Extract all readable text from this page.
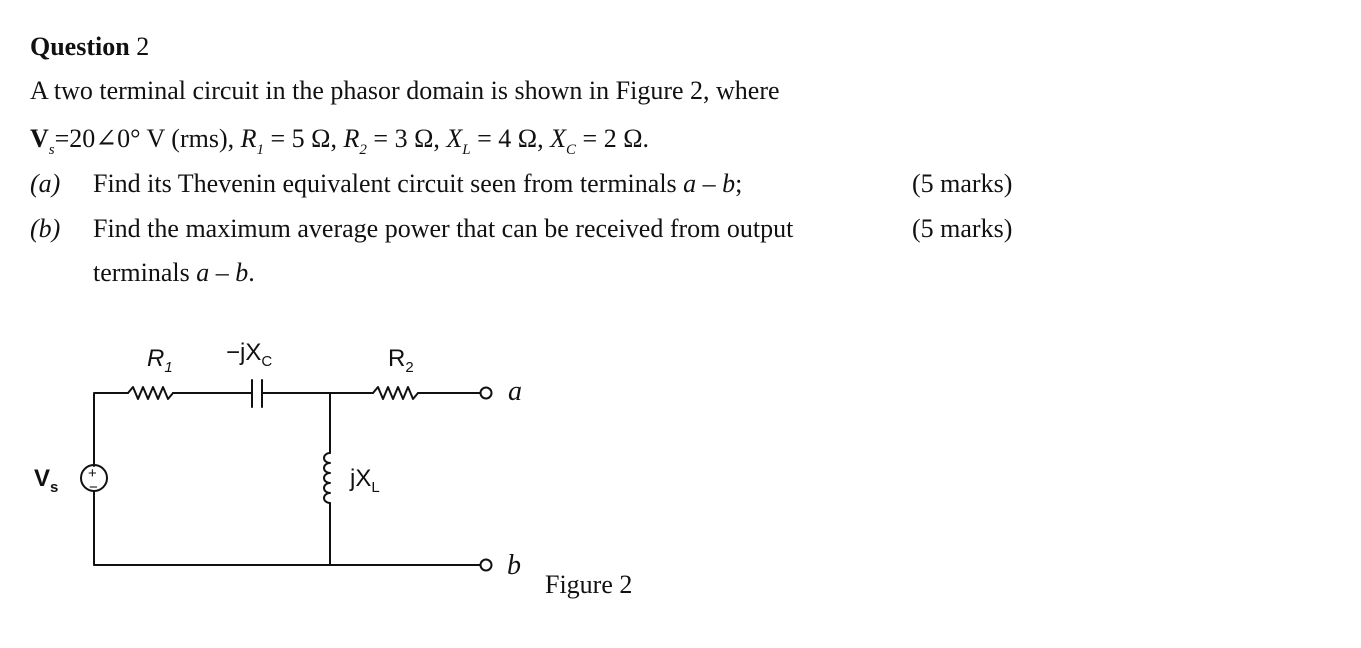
Question 2
A two terminal circuit in the phasor domain is shown in Figure 2, where
$V_s=20\angle 0^\circ$ V (rms), $R_1 = 5$ Ω, $R_2 = 3$ Ω, $X_L = 4$ Ω, $X_C = 2$ Ω.
(a) Find its Thevenin equivalent circuit seen from terminals a – b;	(5 marks)
(b) Find the maximum average power that can be received from output	(5 marks)
terminals a – b.
$R_1$
$-jX_C$	$R_2$
$jX_L$
$V_s$
+
−
a
b
Figure 2
